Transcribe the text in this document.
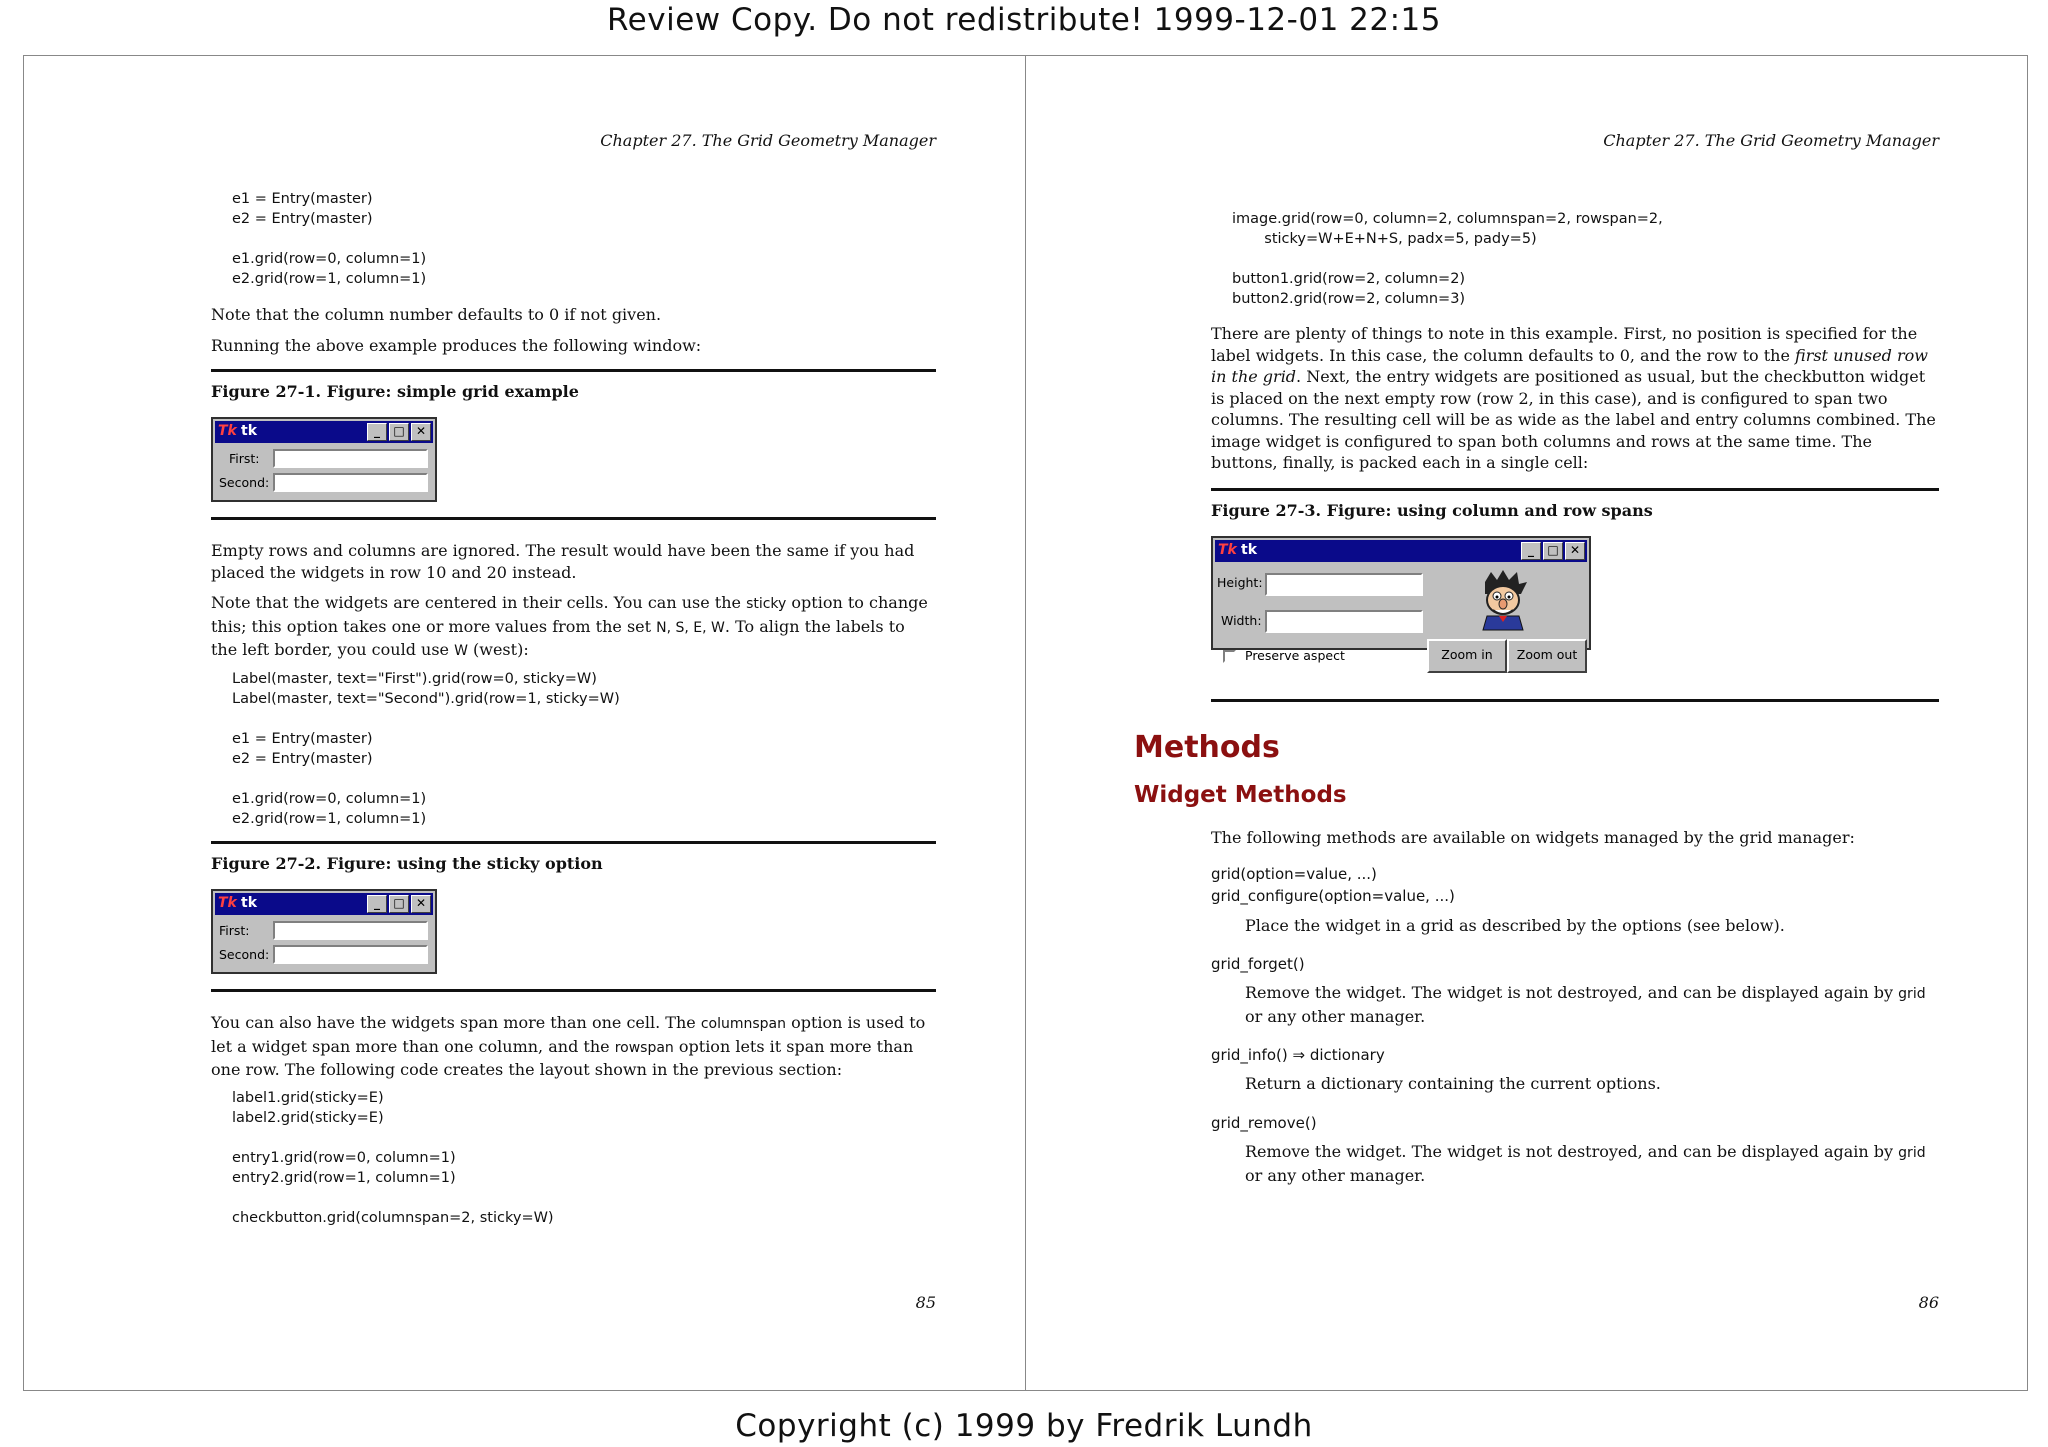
Review Copy. Do not redistribute! 1999-12-01 22:15
Chapter 27. The Grid Geometry Manager
e1 = Entry(master)
e2 = Entry(master)

e1.grid(row=0, column=1)
e2.grid(row=1, column=1)
Note that the column number defaults to 0 if not given.
Running the above example produces the following window:
Figure 27-1. Figure: simple grid example
Tk tk	_	□ ✕
First:
Second:
Empty rows and columns are ignored. The result would have been the same if you had placed the widgets in row 10 and 20 instead.
Note that the widgets are centered in their cells. You can use the sticky option to change this; this option takes one or more values from the set N, S, E, W. To align the labels to the left border, you could use W (west):
Label(master, text="First").grid(row=0, sticky=W)
Label(master, text="Second").grid(row=1, sticky=W)

e1 = Entry(master)
e2 = Entry(master)

e1.grid(row=0, column=1)
e2.grid(row=1, column=1)
Figure 27-2. Figure: using the sticky option
Tk tk	_	□ ✕
First:
Second:
You can also have the widgets span more than one cell. The columnspan option is used to let a widget span more than one column, and the rowspan option lets it span more than one row. The following code creates the layout shown in the previous section:
label1.grid(sticky=E)
label2.grid(sticky=E)

entry1.grid(row=0, column=1)
entry2.grid(row=1, column=1)

checkbutton.grid(columnspan=2, sticky=W)
85
Chapter 27. The Grid Geometry Manager
image.grid(row=0, column=2, columnspan=2, rowspan=2,
sticky=W+E+N+S, padx=5, pady=5)

button1.grid(row=2, column=2)
button2.grid(row=2, column=3)
There are plenty of things to note in this example. First, no position is specified for the label widgets. In this case, the column defaults to 0, and the row to the first unused row in the grid. Next, the entry widgets are positioned as usual, but the checkbutton widget is placed on the next empty row (row 2, in this case), and is configured to span two columns. The resulting cell will be as wide as the label and entry columns combined. The image widget is configured to span both columns and rows at the same time. The buttons, finally, is packed each in a single cell:
Figure 27-3. Figure: using column and row spans
Tk tk	_	□ ✕
Height:
Width:
Preserve aspect	Zoom in	Zoom out
Methods
Widget Methods
The following methods are available on widgets managed by the grid manager:
grid(option=value, ...)
grid_configure(option=value, ...)
Place the widget in a grid as described by the options (see below).
grid_forget()
Remove the widget. The widget is not destroyed, and can be displayed again by grid or any other manager.
grid_info() ⇒ dictionary
Return a dictionary containing the current options.
grid_remove()
Remove the widget. The widget is not destroyed, and can be displayed again by grid or any other manager.
86
Copyright (c) 1999 by Fredrik Lundh
